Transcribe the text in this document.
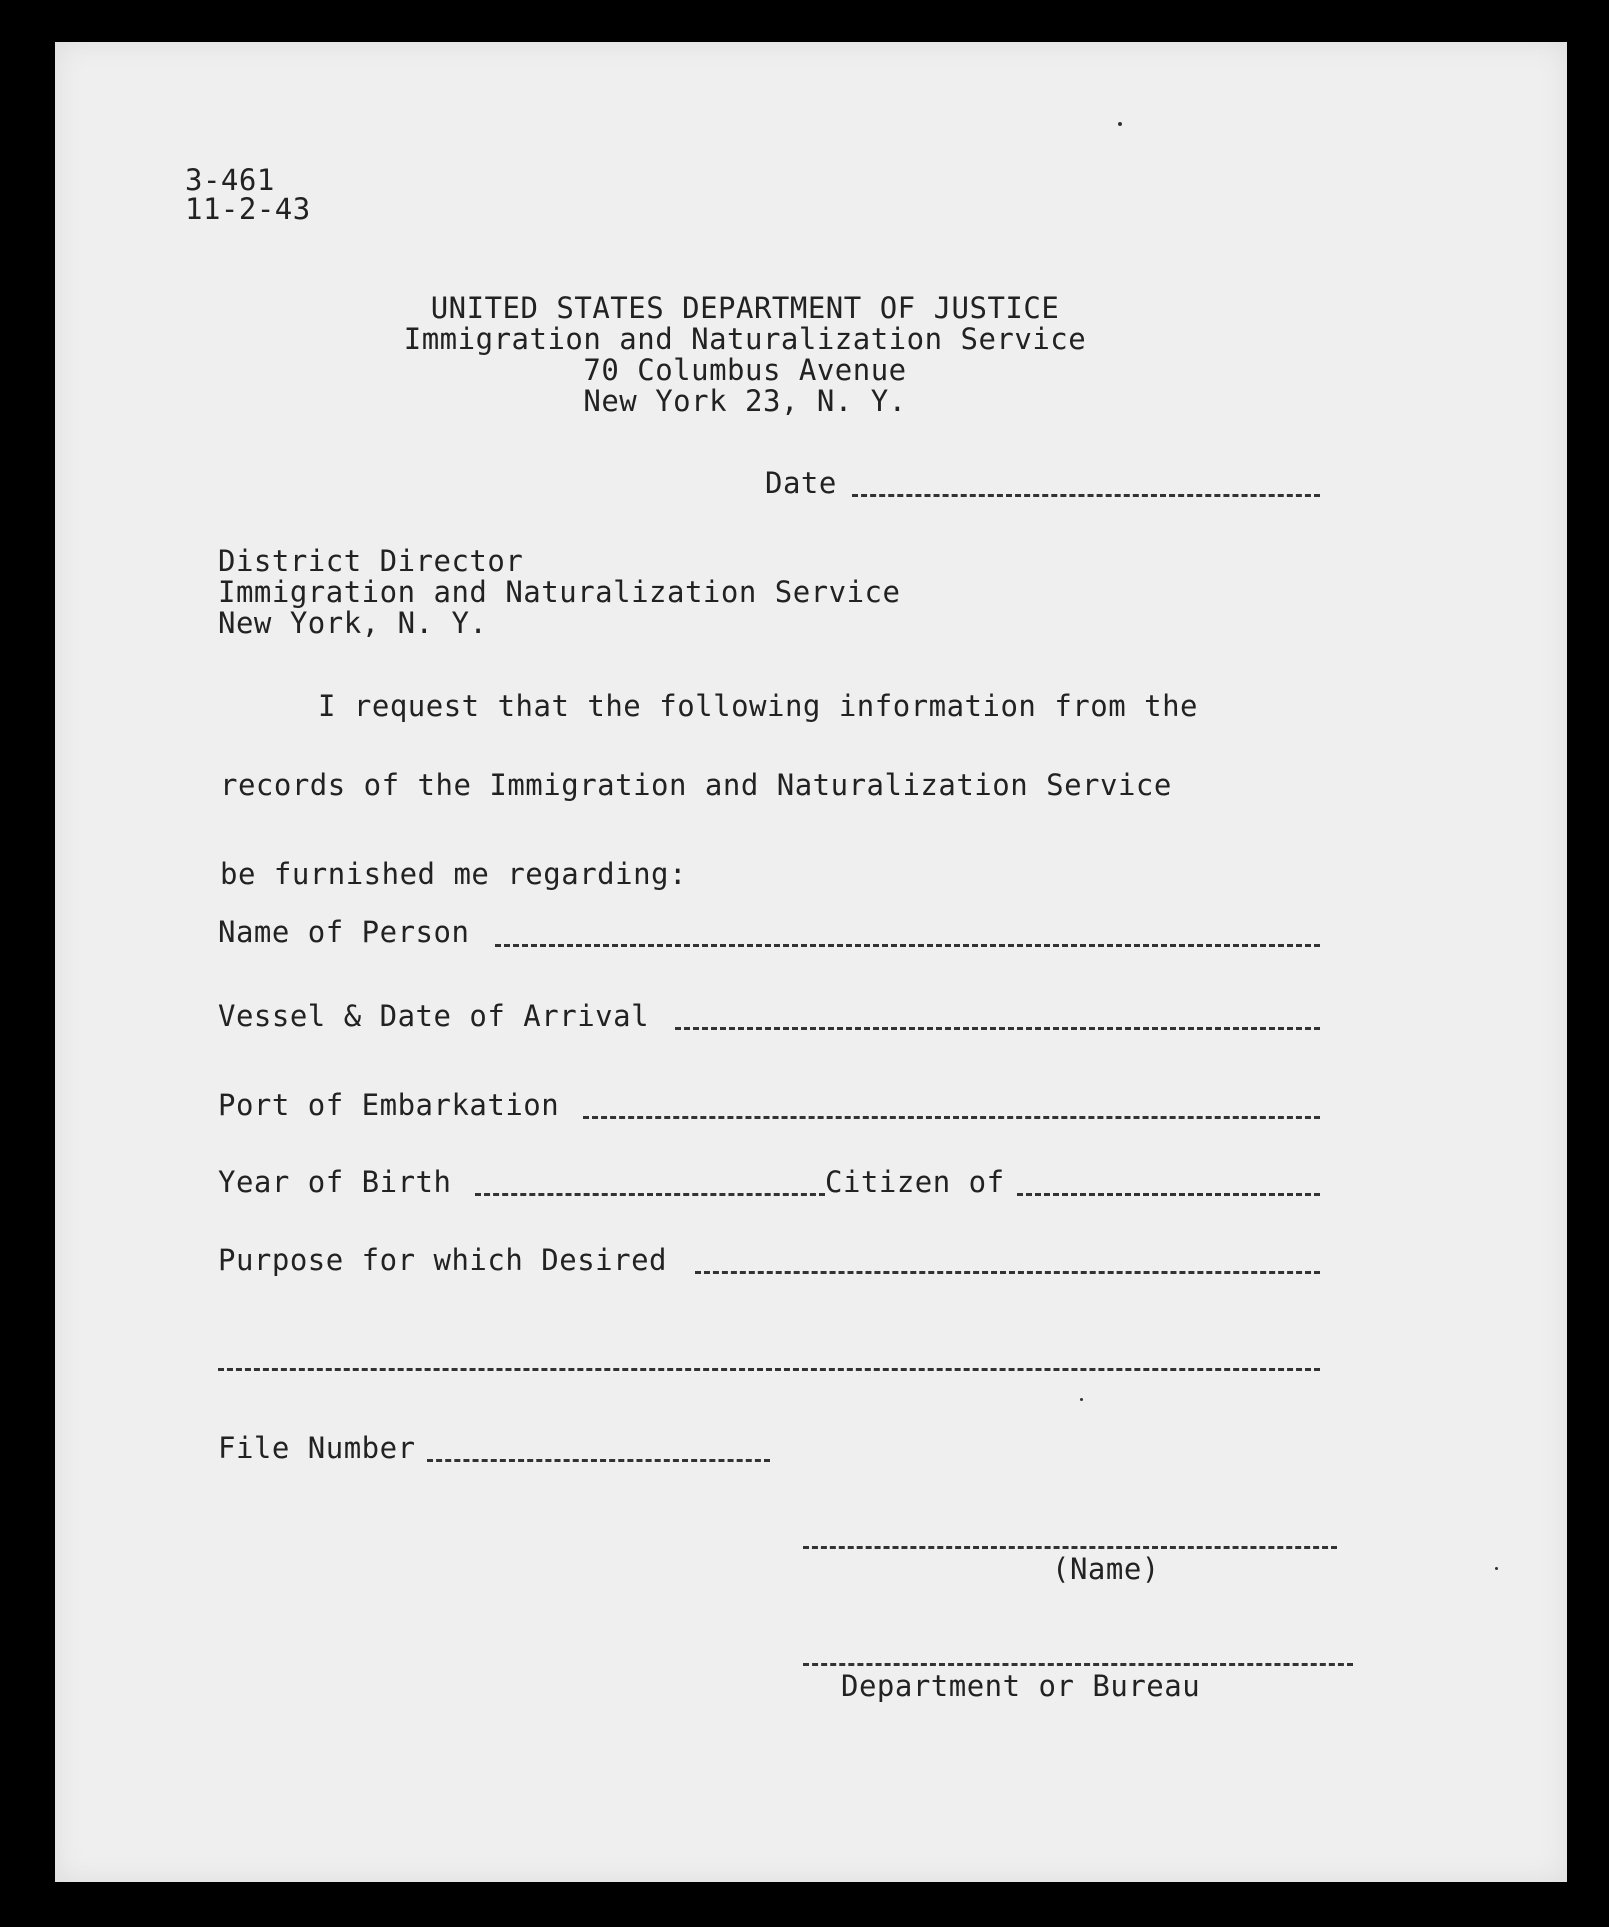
3-461
11-2-43
UNITED STATES DEPARTMENT OF JUSTICE
Immigration and Naturalization Service
70 Columbus Avenue
New York 23, N. Y.
Date
District Director
Immigration and Naturalization Service
New York, N. Y.
I request that the following information from the
records of the Immigration and Naturalization Service
be furnished me regarding:
Name of Person
Vessel & Date of Arrival
Port of Embarkation
Year of Birth	Citizen of
Purpose for which Desired
File Number
(Name)
Department or Bureau
